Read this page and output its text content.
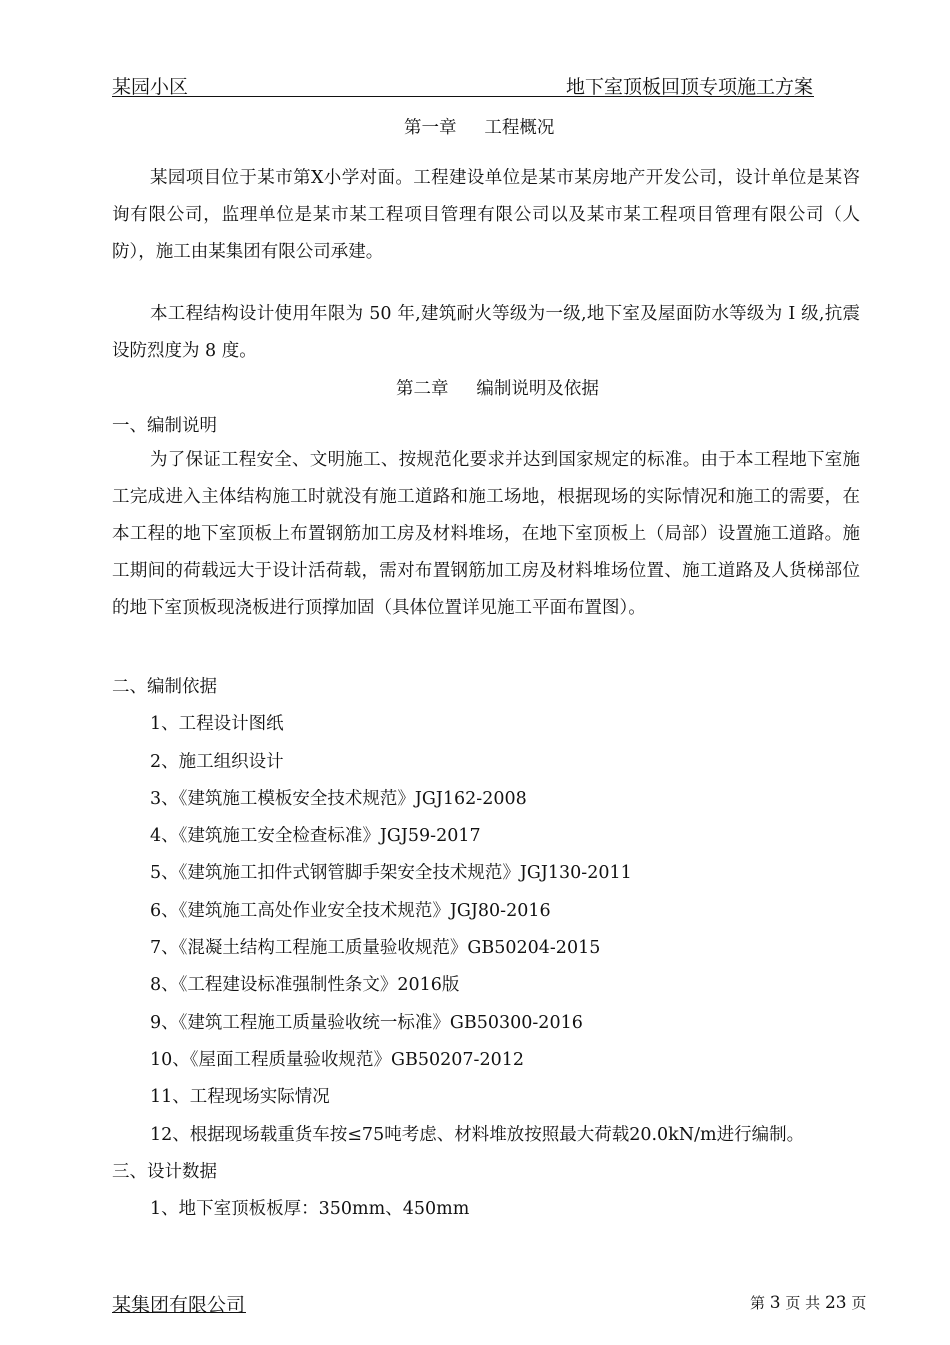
某园小区	地下室顶板回顶专项施工方案
第一章     工程概况
某园项目位于某市第Ⅹ小学对面。工程建设单位是某市某房地产开发公司，设计单位是某咨询有限公司，监理单位是某市某工程项目管理有限公司以及某市某工程项目管理有限公司（人防），施工由某集团有限公司承建。
本工程结构设计使用年限为 50 年,建筑耐火等级为一级,地下室及屋面防水等级为 I 级,抗震设防烈度为 8 度。
第二章     编制说明及依据
一、编制说明
为了保证工程安全、文明施工、按规范化要求并达到国家规定的标准。由于本工程地下室施工完成进入主体结构施工时就没有施工道路和施工场地，根据现场的实际情况和施工的需要，在本工程的地下室顶板上布置钢筋加工房及材料堆场，在地下室顶板上（局部）设置施工道路。施工期间的荷载远大于设计活荷载，需对布置钢筋加工房及材料堆场位置、施工道路及人货梯部位的地下室顶板现浇板进行顶撑加固（具体位置详见施工平面布置图）。
二、编制依据
1、工程设计图纸
2、施工组织设计
3、《建筑施工模板安全技术规范》JGJ162-2008
4、《建筑施工安全检查标准》JGJ59-2017
5、《建筑施工扣件式钢管脚手架安全技术规范》JGJ130-2011
6、《建筑施工高处作业安全技术规范》JGJ80-2016
7、《混凝土结构工程施工质量验收规范》GB50204-2015
8、《工程建设标准强制性条文》2016版
9、《建筑工程施工质量验收统一标准》GB50300-2016
10、《屋面工程质量验收规范》GB50207-2012
11、工程现场实际情况
12、根据现场载重货车按≤75吨考虑、材料堆放按照最大荷载20.0kN/m进行编制。
三、设计数据
1、地下室顶板板厚：350mm、450mm
某集团有限公司	第 3 页 共 23 页
